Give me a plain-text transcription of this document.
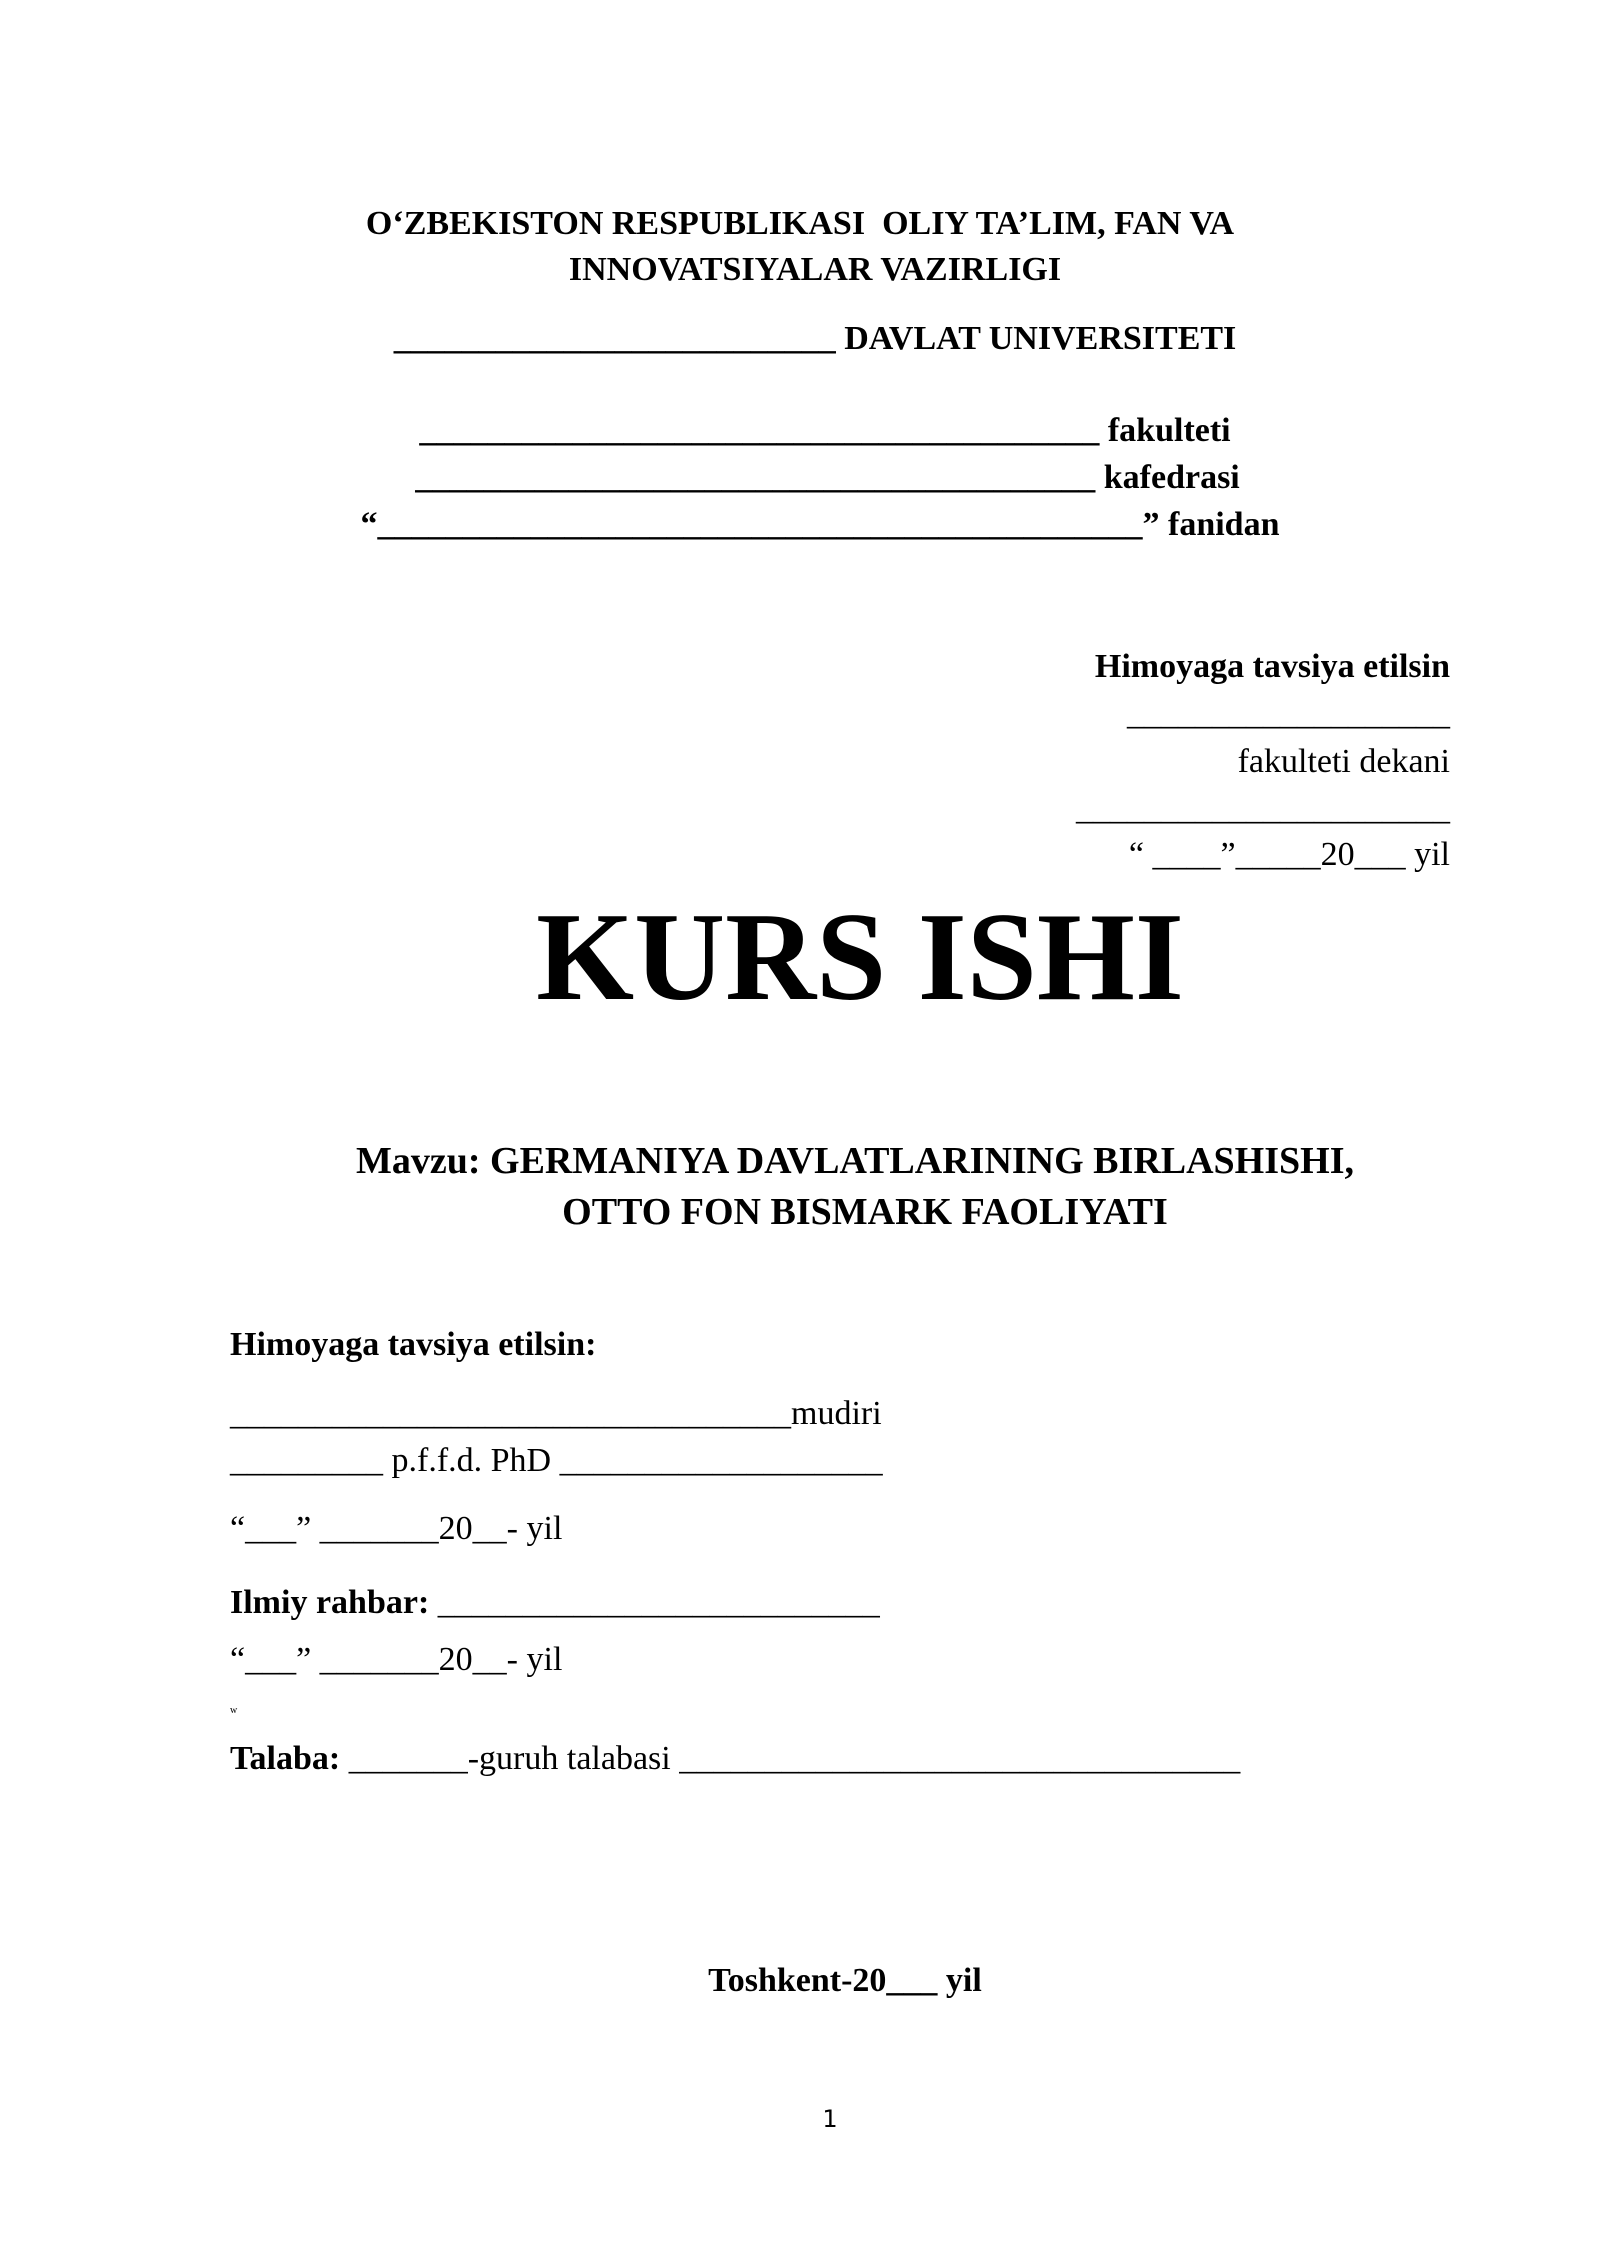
O‘ZBEKISTON RESPUBLIKASI  OLIY TA’LIM, FAN VA
INNOVATSIYALAR VAZIRLIGI
__________________________ DAVLAT UNIVERSITETI
________________________________________ fakulteti
________________________________________ kafedrasi
“_____________________________________________” fanidan
Himoyaga tavsiya etilsin
___________________
fakulteti dekani
______________________
“ ____”_____20___ yil
KURS ISHI
Mavzu: GERMANIYA DAVLATLARINING BIRLASHISHI,
OTTO FON BISMARK FAOLIYATI
Himoyaga tavsiya etilsin:
_________________________________mudiri
_________ p.f.f.d. PhD ___________________
“___” _______20__- yil
Ilmiy rahbar: __________________________
“___” _______20__- yil
w
Talaba: _______-guruh talabasi _________________________________
Toshkent-20___ yil
1
